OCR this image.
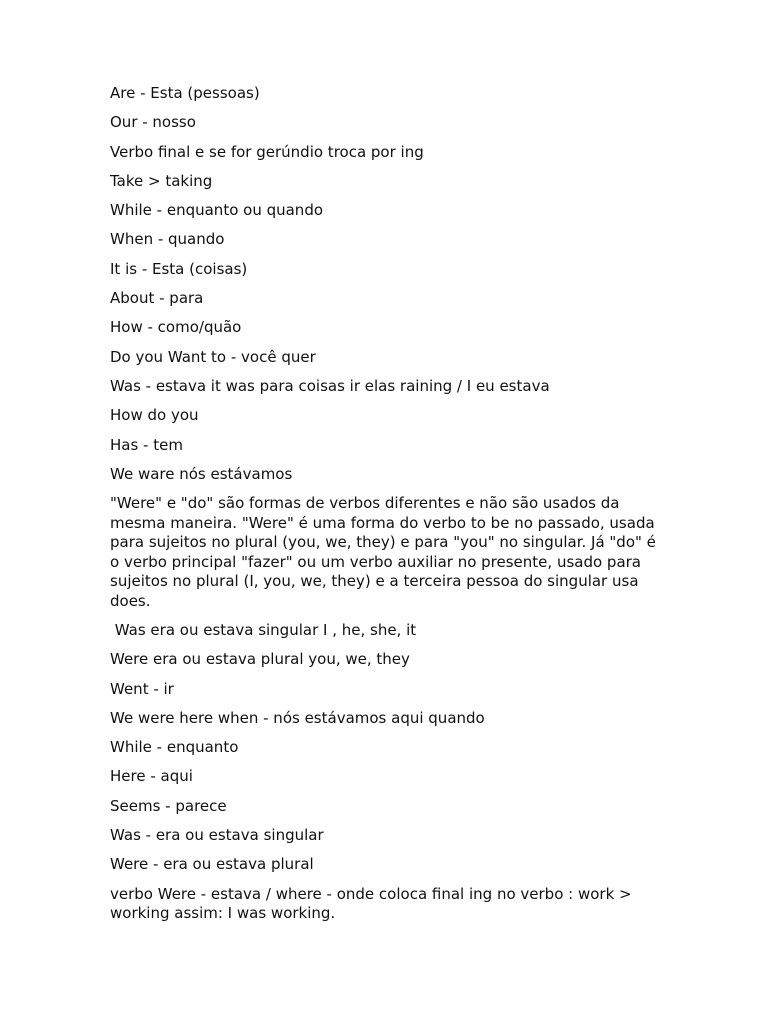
Are - Esta (pessoas)

Our - nosso

Verbo final e se for gerúndio troca por ing

Take > taking

While - enquanto ou quando

When - quando

It is - Esta (coisas)

About - para

How - como/quão

Do you Want to - você quer

Was - estava it was para coisas ir elas raining / I eu estava

How do you

Has - tem

We ware nós estávamos

"Were" e "do" são formas de verbos diferentes e não são usados da mesma maneira. "Were" é uma forma do verbo to be no passado, usada para sujeitos no plural (you, we, they) e para "you" no singular. Já "do" é o verbo principal "fazer" ou um verbo auxiliar no presente, usado para sujeitos no plural (I, you, we, they) e a terceira pessoa do singular usa does.

Was era ou estava singular I , he, she, it

Were era ou estava plural you, we, they

Went - ir

We were here when - nós estávamos aqui quando

While - enquanto

Here - aqui

Seems - parece

Was - era ou estava singular

Were - era ou estava plural

verbo Were - estava / where - onde coloca final ing no verbo : work > working assim: I was working.
